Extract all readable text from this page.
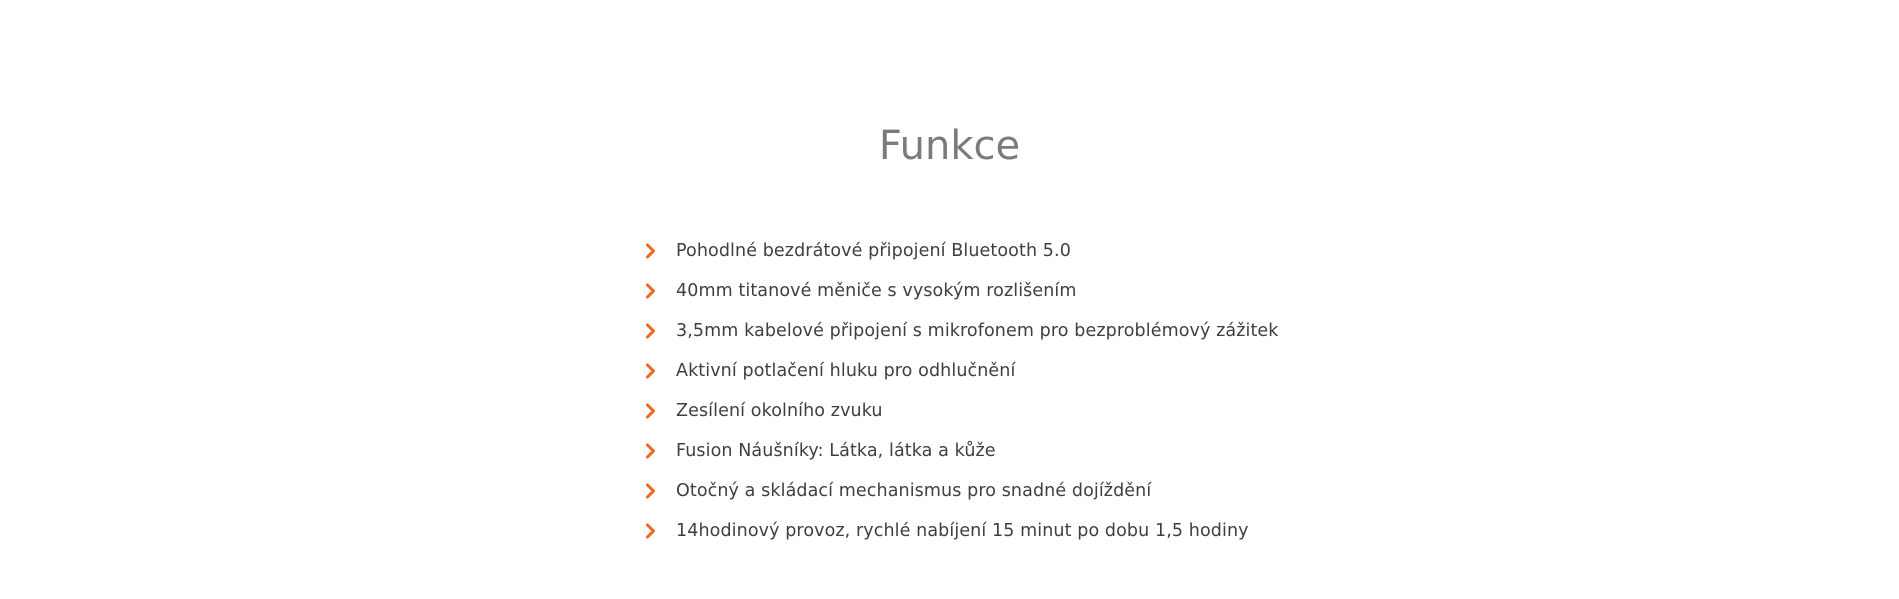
Funkce
Pohodlné bezdrátové připojení Bluetooth 5.0
40mm titanové měniče s vysokým rozlišením
3,5mm kabelové připojení s mikrofonem pro bezproblémový zážitek
Aktivní potlačení hluku pro odhlučnění
Zesílení okolního zvuku
Fusion Náušníky: Látka, látka a kůže
Otočný a skládací mechanismus pro snadné dojíždění
14hodinový provoz, rychlé nabíjení 15 minut po dobu 1,5 hodiny
